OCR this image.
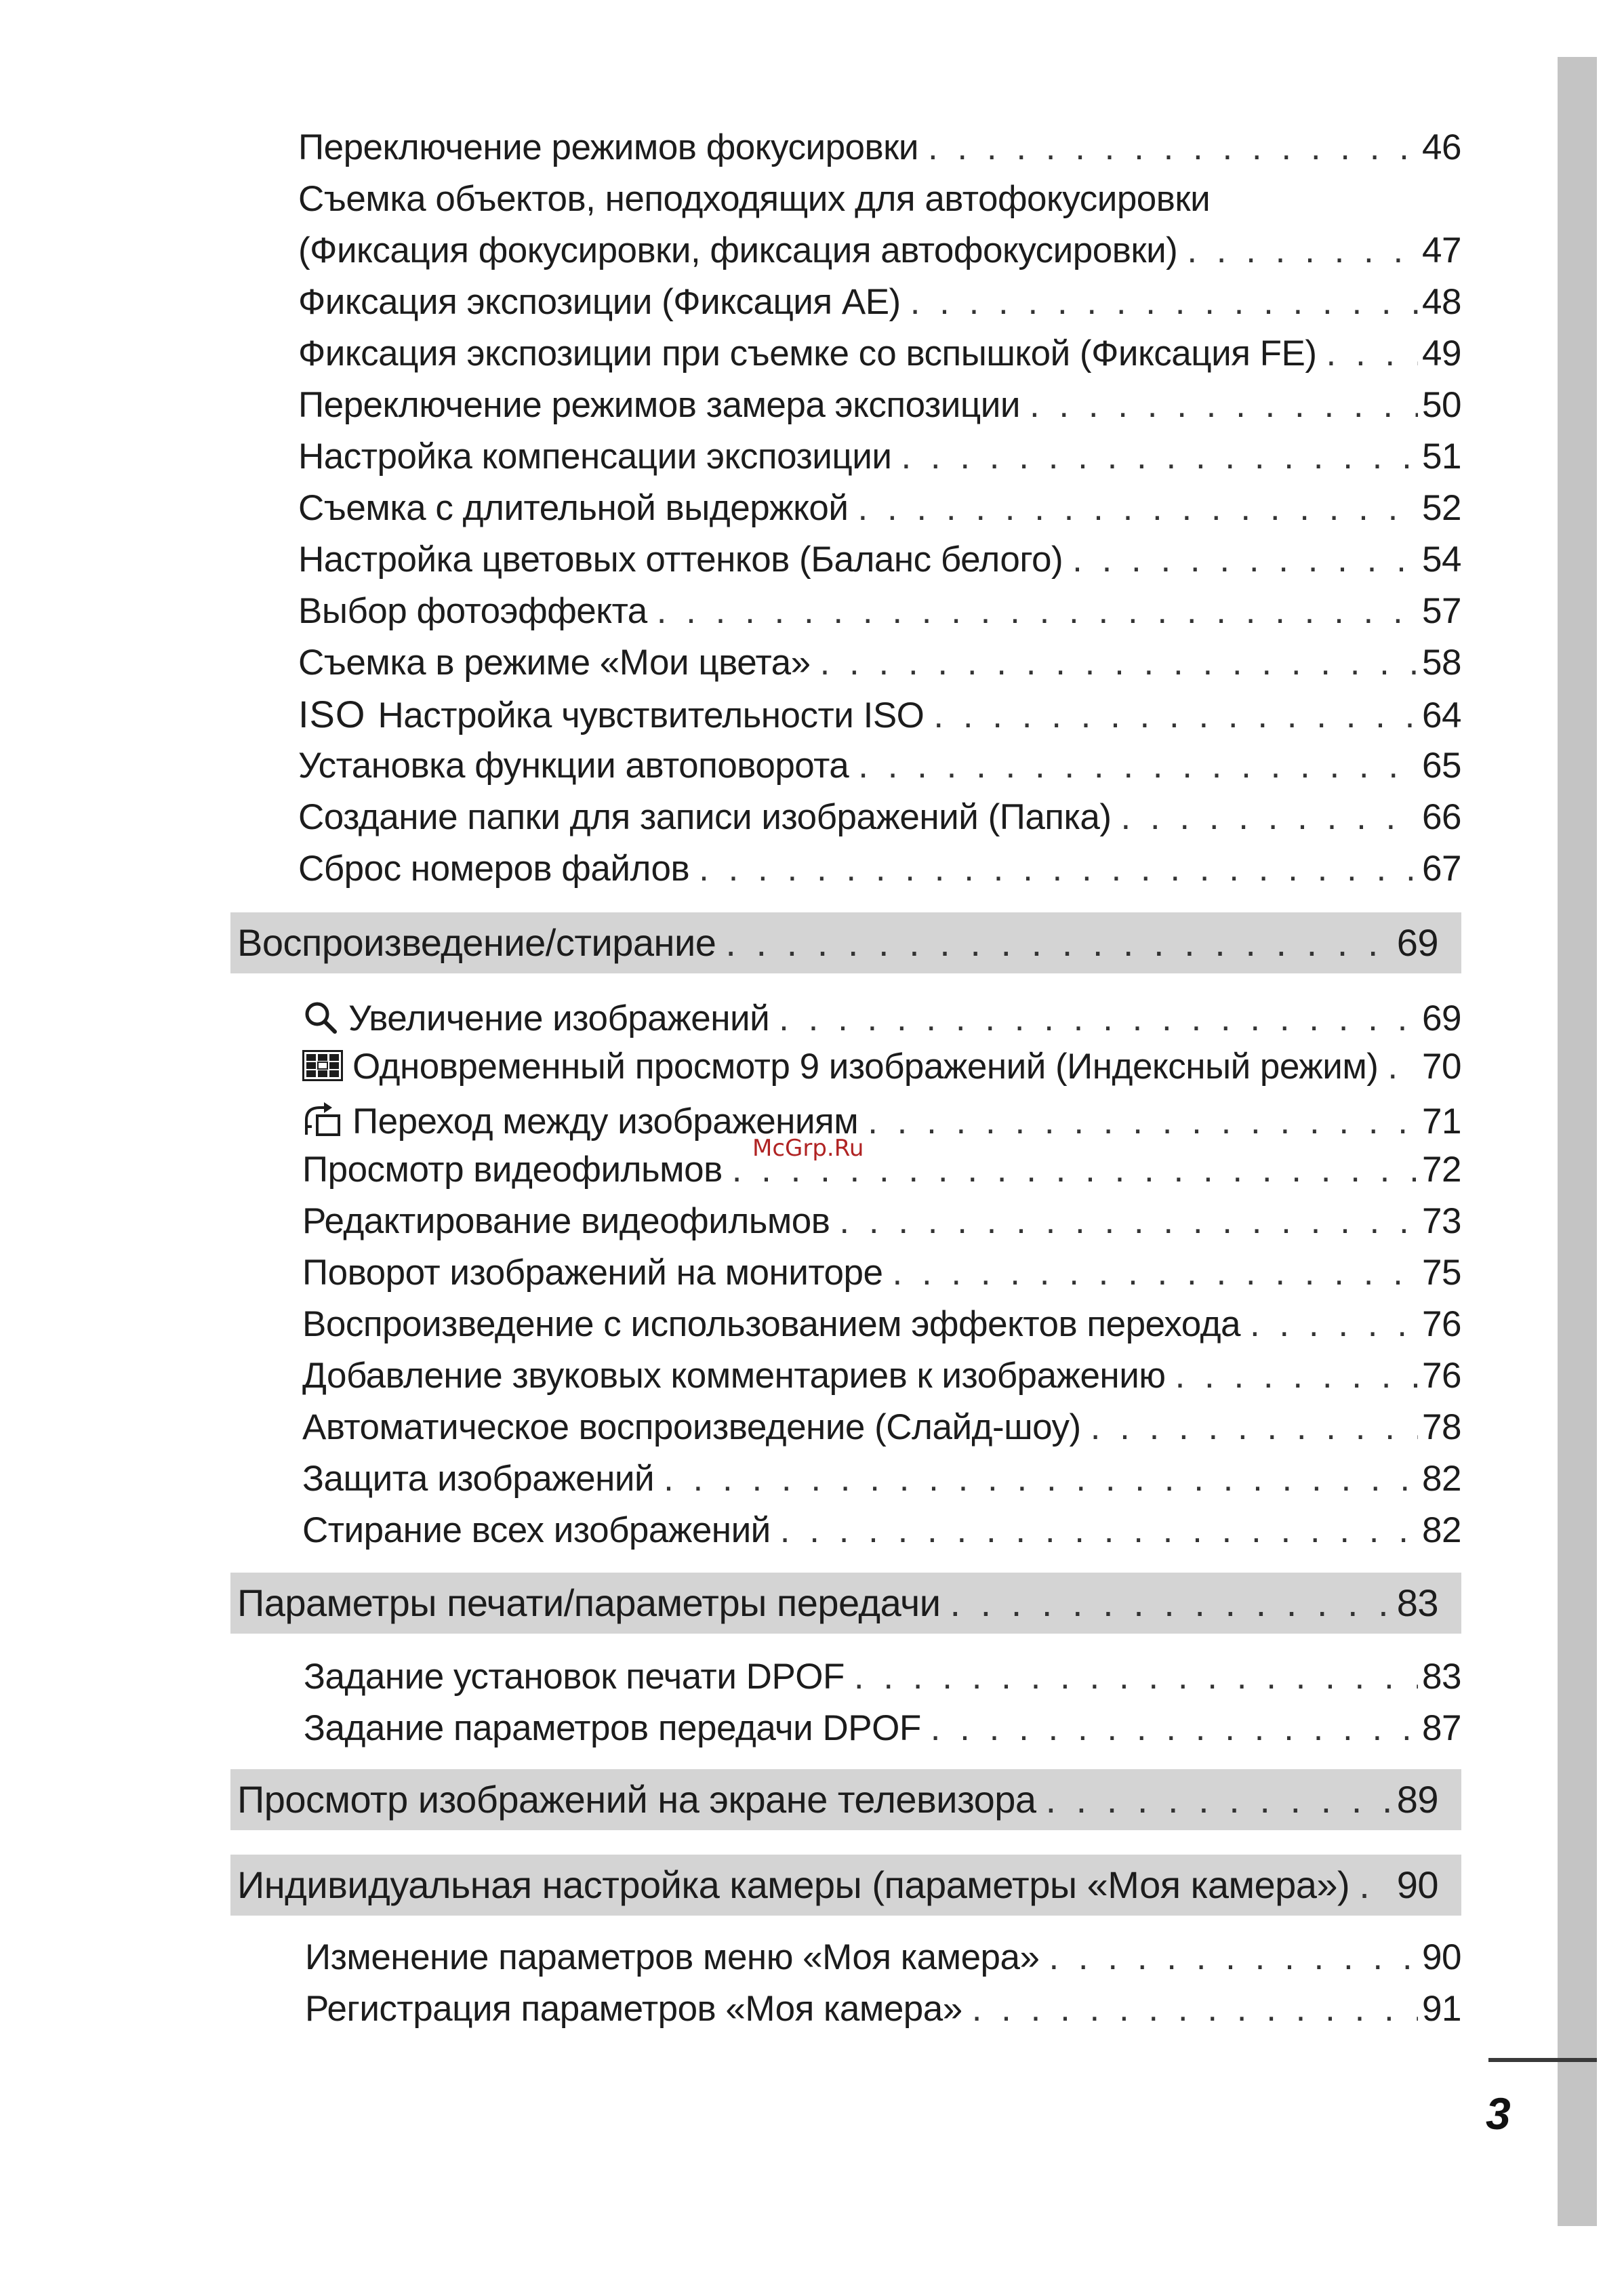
Переключение режимов фокусировки . . .	46
Съемка объектов, неподходящих для автофокусировки
(Фиксация фокусировки, фиксация автофокусировки) . . .	47
Фиксация экспозиции (Фиксация AE) . . .	48
Фиксация экспозиции при съемке со вспышкой (Фиксация FE) . . .	49
Переключение режимов замера экспозиции . . .	50
Настройка компенсации экспозиции . . .	51
Съемка с длительной выдержкой . . .	52
Настройка цветовых оттенков (Баланс белого) . . .	54
Выбор фотоэффекта . . .	57
Съемка в режиме «Мои цвета» . . .	58
ISO Настройка чувствительности ISO . . .	64
Установка функции автоповорота . . .	65
Создание папки для записи изображений (Папка) . . .	66
Сброс номеров файлов . . .	67
Воспроизведение/стирание . . .	69
Увеличение изображений . . .	69
Одновременный просмотр 9 изображений (Индексный режим) . . . 70
Переход между изображениям . . .	71
Просмотр видеофильмов . . .	72
Редактирование видеофильмов . . .	73
Поворот изображений на мониторе . . .	75
Воспроизведение с использованием эффектов перехода . . .	76
Добавление звуковых комментариев к изображению . . .	76
Автоматическое воспроизведение (Слайд-шоу) . . .	78
Защита изображений . . .	82
Стирание всех изображений . . .	82
Параметры печати/параметры передачи . . .	83
Задание установок печати DPOF . . .	83
Задание параметров передачи DPOF . . .	87
Просмотр изображений на экране телевизора . . .	89
Индивидуальная настройка камеры (параметры «Моя камера») . . . 90
Изменение параметров меню «Моя камера» . . .	90
Регистрация параметров «Моя камера» . . .	91
McGrp.Ru
3
